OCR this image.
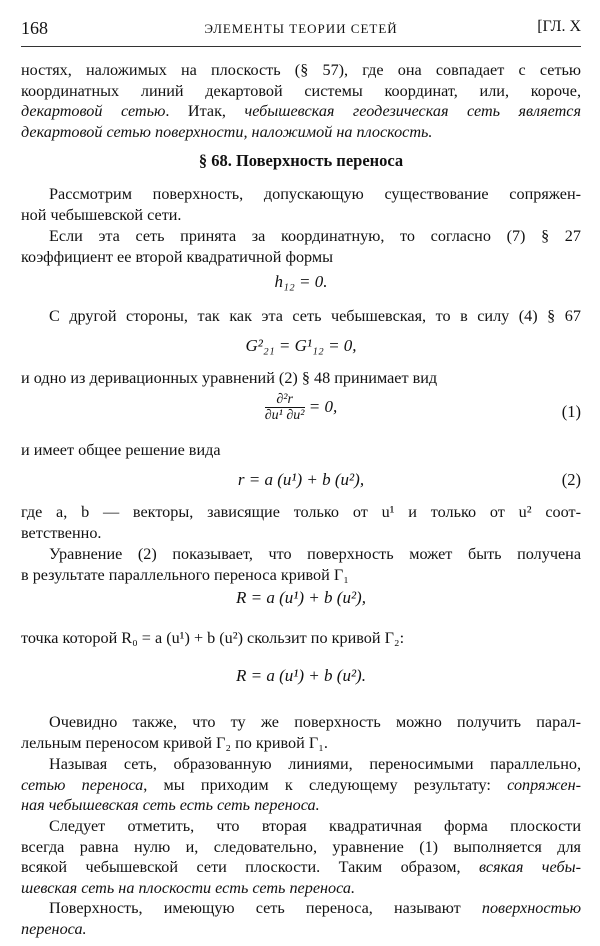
168	ЭЛЕМЕНТЫ ТЕОРИИ СЕТЕЙ	[ГЛ. X
ностях, наложимых на плоскость (§ 57), где она совпадает с сетью
координатных линий декартовой системы координат, или, короче,
декартовой сетью. Итак, чебышевская геодезическая сеть является
декартовой сетью поверхности, наложимой на плоскость.
§ 68. Поверхность переноса
Рассмотрим поверхность, допускающую существование сопряжен-
ной чебышевской сети.
Если эта сеть принята за координатную, то согласно (7) § 27
коэффициент ее второй квадратичной формы
h₁₂ = 0.
С другой стороны, так как эта сеть чебышевская, то в силу (4) § 67
G²₂₁ = G¹₁₂ = 0,
и одно из деривационных уравнений (2) § 48 принимает вид
$\frac{\text{∂²r}}{\text{∂u¹ ∂u²}} = 0$,	(1)
и имеет общее решение вида
r = a (u¹) + b (u²),	(2)
где a, b — векторы, зависящие только от u¹ и только от u² соот-
ветственно.
Уравнение (2) показывает, что поверхность может быть получена
в результате параллельного переноса кривой Γ₁
R = a (u¹) + b (u²),
точка которой R₀ = a (u¹) + b (u²) скользит по кривой Γ₂:
R = a (u¹) + b (u²).
Очевидно также, что ту же поверхность можно получить парал-
лельным переносом кривой Γ₂ по кривой Γ₁.
Называя сеть, образованную линиями, переносимыми параллельно,
сетью переноса, мы приходим к следующему результату: сопряжен-
ная чебышевская сеть есть сеть переноса.
Следует отметить, что вторая квадратичная форма плоскости
всегда равна нулю и, следовательно, уравнение (1) выполняется для
всякой чебышевской сети плоскости. Таким образом, всякая чебы-
шевская сеть на плоскости есть сеть переноса.
Поверхность, имеющую сеть переноса, называют поверхностью
переноса.
